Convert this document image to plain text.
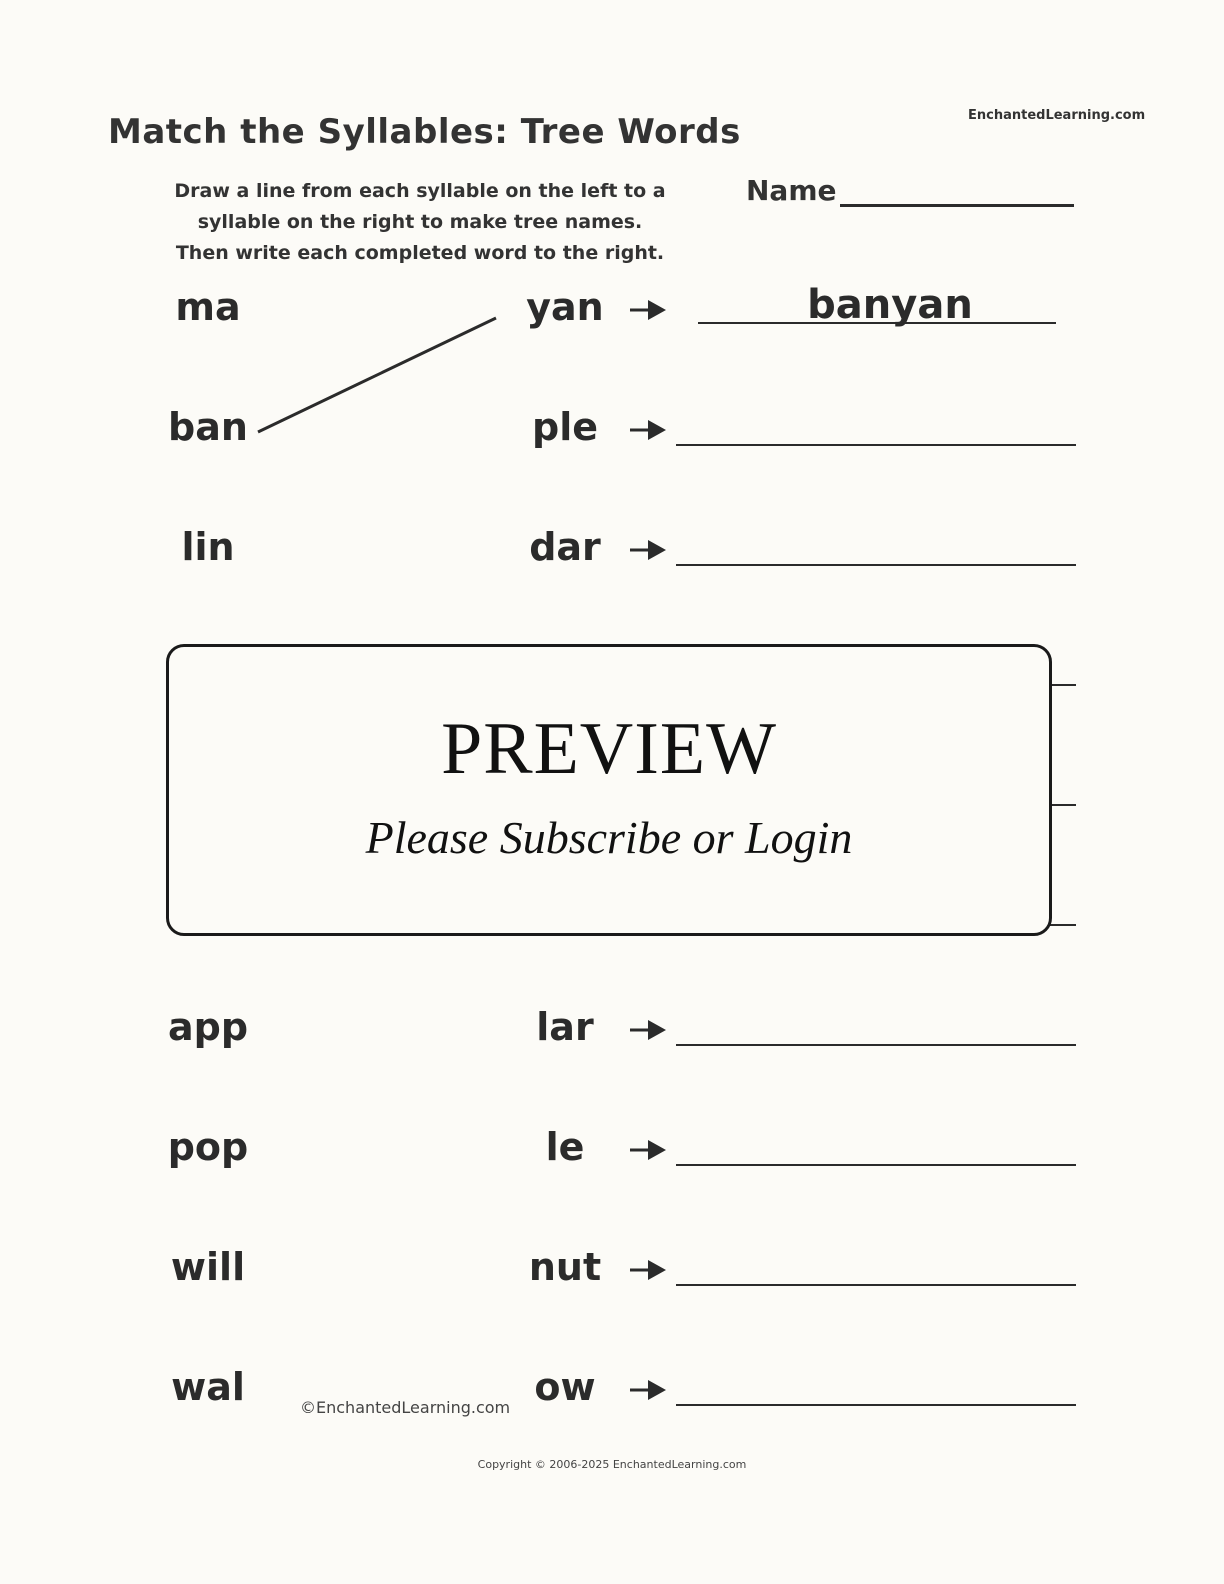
EnchantedLearning.com
Match the Syllables: Tree Words
Draw a line from each syllable on the left to a
syllable on the right to make tree names.
Then write each completed word to the right.
Name
ma	yan	banyan
ban	ple
lin	dar
app	lar
pop	le
will	nut
wal	ow
PREVIEW
Please Subscribe or Login
©EnchantedLearning.com
Copyright © 2006-2025 EnchantedLearning.com
